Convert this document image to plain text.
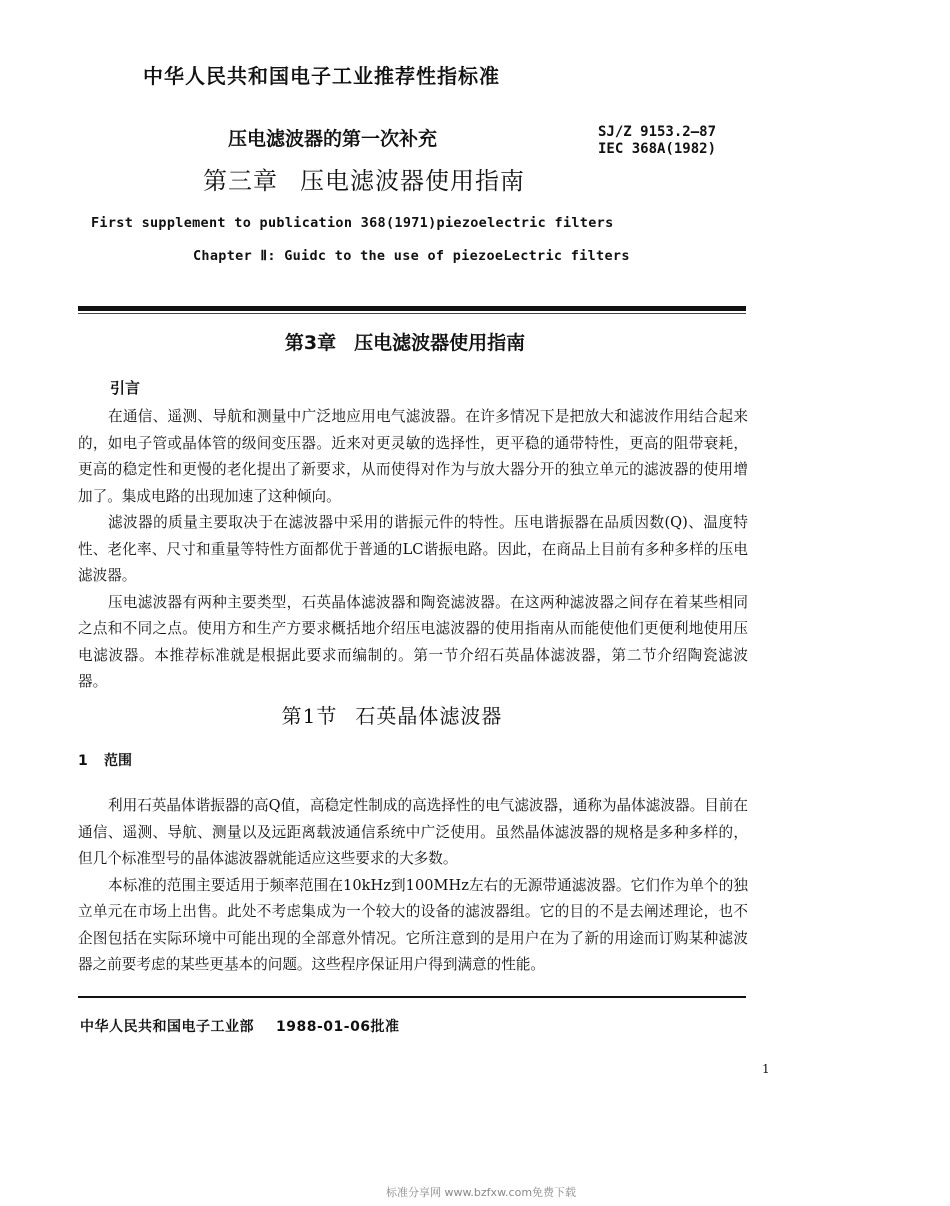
中华人民共和国电子工业推荐性指标准
压电滤波器的第一次补充	SJ/Z 9153.2—87
IEC 368A(1982)
第三章 压电滤波器使用指南
First supplement to publication 368(1971)piezoelectric filters
Chapter Ⅱ: Guidc to the use of piezoeLectric filters
第3章 压电滤波器使用指南
引言

在通信、遥测、导航和测量中广泛地应用电气滤波器。在许多情况下是把放大和滤波作用结合起来的，如电子管或晶体管的级间变压器。近来对更灵敏的选择性，更平稳的通带特性，更高的阻带衰耗，更高的稳定性和更慢的老化提出了新要求，从而使得对作为与放大器分开的独立单元的滤波器的使用增加了。集成电路的出现加速了这种倾向。

滤波器的质量主要取决于在滤波器中采用的谐振元件的特性。压电谐振器在品质因数(Q)、温度特性、老化率、尺寸和重量等特性方面都优于普通的LC谐振电路。因此，在商品上目前有多种多样的压电滤波器。

压电滤波器有两种主要类型，石英晶体滤波器和陶瓷滤波器。在这两种滤波器之间存在着某些相同之点和不同之点。使用方和生产方要求概括地介绍压电滤波器的使用指南从而能使他们更便利地使用压电滤波器。本推荐标准就是根据此要求而编制的。第一节介绍石英晶体滤波器，第二节介绍陶瓷滤波器。

第1节 石英晶体滤波器
1 范围

利用石英晶体谐振器的高Q值，高稳定性制成的高选择性的电气滤波器，通称为晶体滤波器。目前在通信、遥测、导航、测量以及远距离载波通信系统中广泛使用。虽然晶体滤波器的规格是多种多样的，但几个标准型号的晶体滤波器就能适应这些要求的大多数。

本标准的范围主要适用于频率范围在10kHz到100MHz左右的无源带通滤波器。它们作为单个的独立单元在市场上出售。此处不考虑集成为一个较大的设备的滤波器组。它的目的不是去阐述理论，也不企图包括在实际环境中可能出现的全部意外情况。它所注意到的是用户在为了新的用途而订购某种滤波器之前要考虑的某些更基本的问题。这些程序保证用户得到满意的性能。

中华人民共和国电子工业部 1988-01-06批准
1
标准分享网 www.bzfxw.com免费下载
